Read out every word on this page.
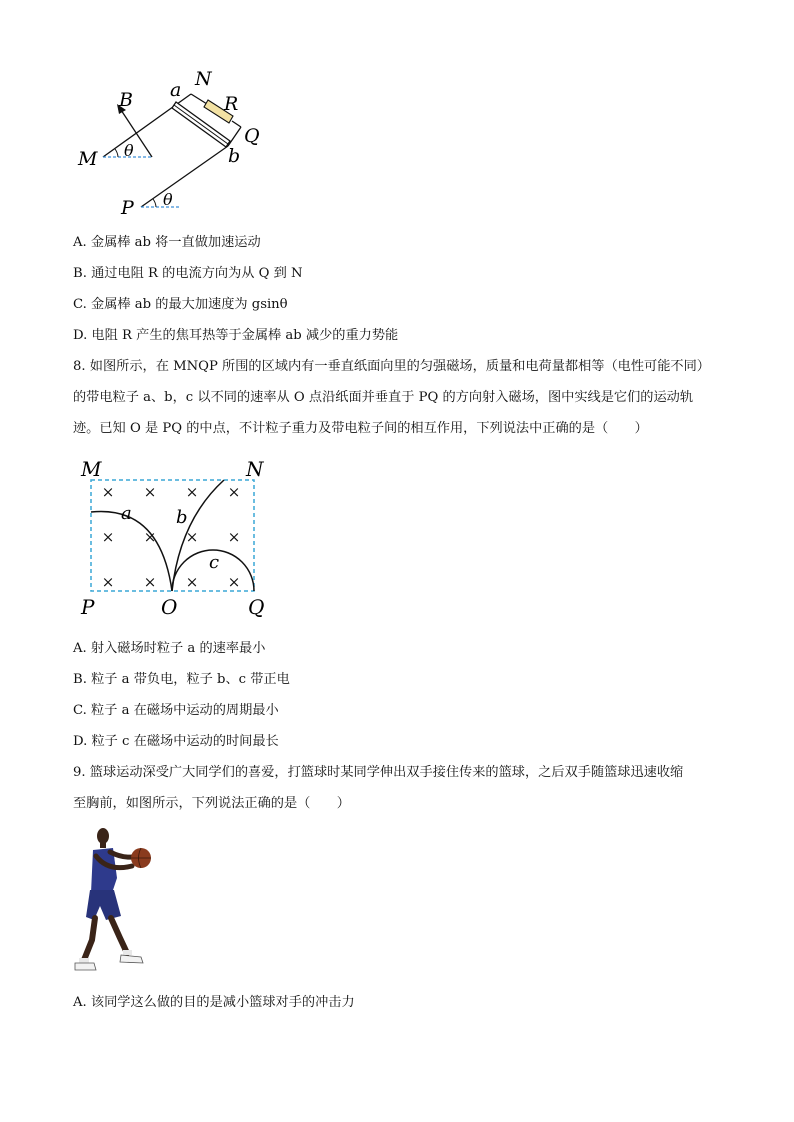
a N
B	R
Q
M θ	b
P θ
A. 金属棒 ab 将一直做加速运动
B. 通过电阻 R 的电流方向为从 Q 到 N
C. 金属棒 ab 的最大加速度为 gsinθ
D. 电阻 R 产生的焦耳热等于金属棒 ab 减少的重力势能
8. 如图所示，在 MNQP 所围的区域内有一垂直纸面向里的匀强磁场，质量和电荷量都相等（电性可能不同）
的带电粒子 a、b，c 以不同的速率从 O 点沿纸面并垂直于 PQ 的方向射入磁场，图中实线是它们的运动轨
迹。已知 O 是 PQ 的中点，不计粒子重力及带电粒子间的相互作用，下列说法中正确的是（　　）
× × × ×
× × × ×
× × × ×
M	N
a b
c
P	O	Q
A. 射入磁场时粒子 a 的速率最小
B. 粒子 a 带负电，粒子 b、c 带正电
C. 粒子 a 在磁场中运动的周期最小
D. 粒子 c 在磁场中运动的时间最长
9. 篮球运动深受广大同学们的喜爱，打篮球时某同学伸出双手接住传来的篮球，之后双手随篮球迅速收缩
至胸前，如图所示，下列说法正确的是（　　）
A. 该同学这么做的目的是减小篮球对手的冲击力
